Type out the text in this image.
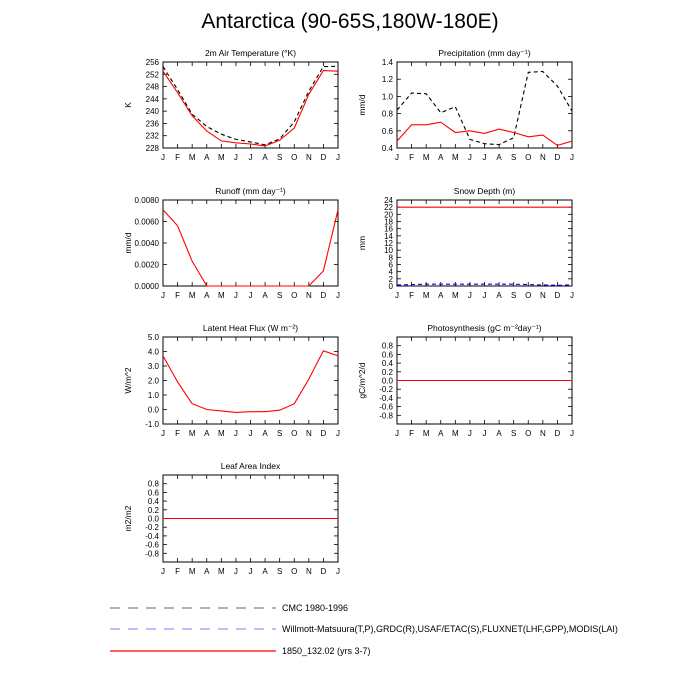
Antarctica (90-65S,180W-180E)
2m Air Temperature (°K)
K
228
232
236
240
244
248
252
256
J F M A M J J A S O N D J
Precipitation (mm day⁻¹)
mm/d
0.4
0.6
0.8
1.0
1.2
1.4
J F M A M J J A S O N D J
Runoff (mm day⁻¹)
mm/d
0.0000
0.0020
0.0040
0.0060
0.0080
J F M A M J J A S O N D J
Snow Depth (m)
mm
0
2
4
6
8
10
12
14
16
18
20
22
24
J F M A M J J A S O N D J
Latent Heat Flux (W m⁻²)
W/m^2
-1.0
0.0
1.0
2.0
3.0
4.0
5.0
J F M A M J J A S O N D J
Photosynthesis (gC m⁻²day⁻¹)
gC/m^2/d
-0.8
-0.6
-0.4
-0.2
0.0
0.2
0.4
0.6
0.8
J F M A M J J A S O N D J
Leaf Area Index
m2/m2
-0.8
-0.6
-0.4
-0.2
0.0
0.2
0.4
0.6
0.8
J F M A M J J A S O N D J
CMC 1980-1996
Willmott-Matsuura(T,P),GRDC(R),USAF/ETAC(S),FLUXNET(LHF,GPP),MODIS(LAI)
1850_132.02 (yrs 3-7)
